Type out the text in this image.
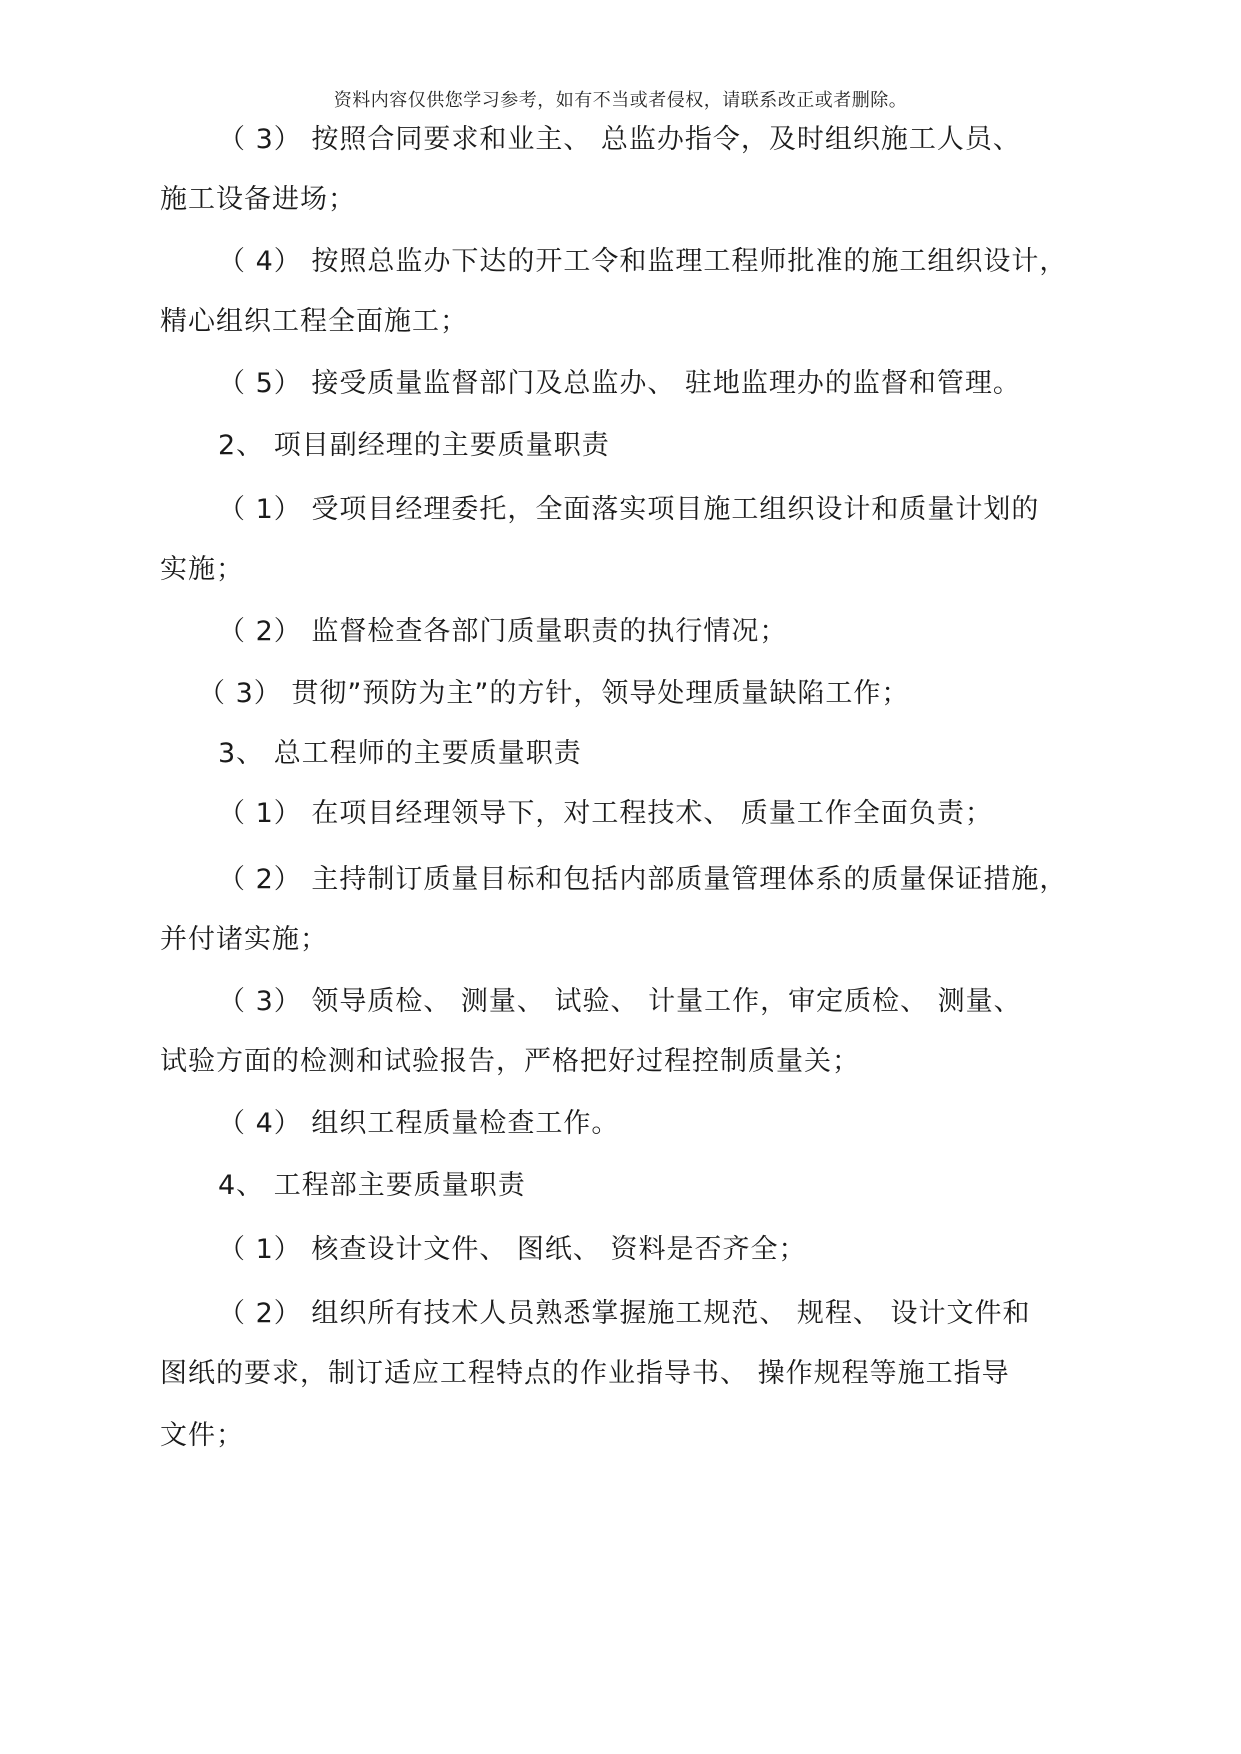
资料内容仅供您学习参考，如有不当或者侵权，请联系改正或者删除。
（ 3） 按照合同要求和业主、 总监办指令，及时组织施工人员、
施工设备进场；
（ 4） 按照总监办下达的开工令和监理工程师批准的施工组织设计，
精心组织工程全面施工；
（ 5） 接受质量监督部门及总监办、 驻地监理办的监督和管理。
2、 项目副经理的主要质量职责
（ 1） 受项目经理委托，全面落实项目施工组织设计和质量计划的
实施；
（ 2） 监督检查各部门质量职责的执行情况；
（ 3） 贯彻”预防为主”的方针，领导处理质量缺陷工作；
3、 总工程师的主要质量职责
（ 1） 在项目经理领导下，对工程技术、 质量工作全面负责；
（ 2） 主持制订质量目标和包括内部质量管理体系的质量保证措施，
并付诸实施；
（ 3） 领导质检、 测量、 试验、 计量工作，审定质检、 测量、
试验方面的检测和试验报告，严格把好过程控制质量关；
（ 4） 组织工程质量检查工作。
4、 工程部主要质量职责
（ 1） 核查设计文件、 图纸、 资料是否齐全；
（ 2） 组织所有技术人员熟悉掌握施工规范、 规程、 设计文件和
图纸的要求，制订适应工程特点的作业指导书、 操作规程等施工指导
文件；
